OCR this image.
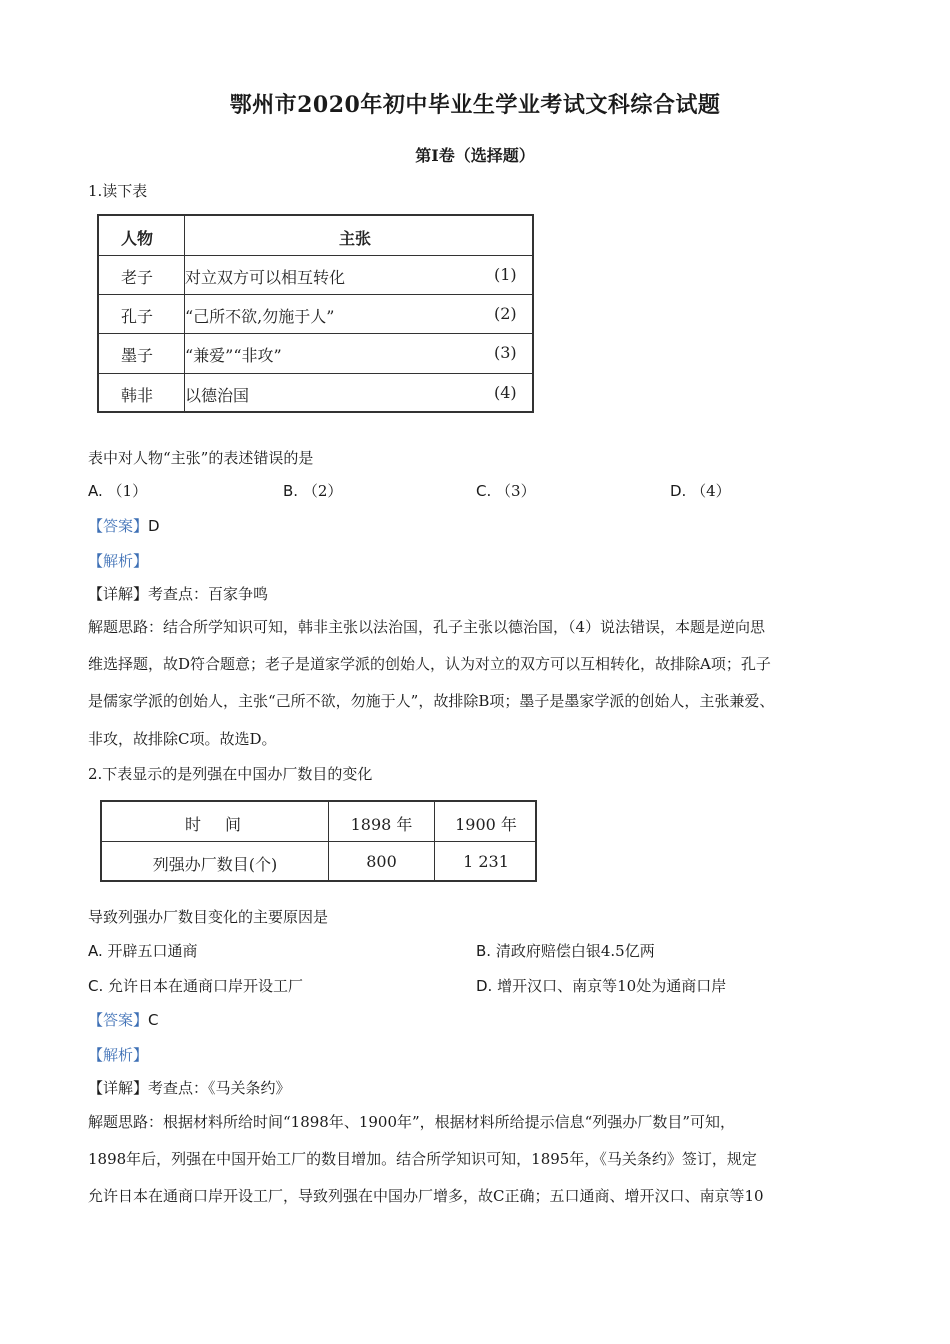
鄂州市2020年初中毕业生学业考试文科综合试题
第Ⅰ卷（选择题）
1.读下表
人物	主张
老子 对立双方可以相互转化	(1)
孔子 “己所不欲,勿施于人”	(2)
墨子 “兼爱”“非攻”	(3)
韩非 以德治国	(4)
表中对人物“主张”的表述错误的是
A. （1）	B. （2）	C. （3）	D. （4）
【答案】D
【解析】
【详解】考查点：百家争鸣
解题思路：结合所学知识可知，韩非主张以法治国，孔子主张以德治国，（4）说法错误，本题是逆向思
维选择题，故D符合题意；老子是道家学派的创始人，认为对立的双方可以互相转化，故排除A项；孔子
是儒家学派的创始人，主张“己所不欲，勿施于人”，故排除B项；墨子是墨家学派的创始人，主张兼爱、
非攻，故排除C项。故选D。
2.下表显示的是列强在中国办厂数目的变化
时　间	1898 年	1900 年
列强办厂数目(个)	800	1 231
导致列强办厂数目变化的主要原因是
A. 开辟五口通商	B. 清政府赔偿白银4.5亿两
C. 允许日本在通商口岸开设工厂	D. 增开汉口、南京等10处为通商口岸
【答案】C
【解析】
【详解】考查点：《马关条约》
解题思路：根据材料所给时间“1898年、1900年”，根据材料所给提示信息“列强办厂数目”可知，
1898年后，列强在中国开始工厂的数目增加。结合所学知识可知，1895年，《马关条约》签订，规定
允许日本在通商口岸开设工厂，导致列强在中国办厂增多，故C正确；五口通商、增开汉口、南京等10
